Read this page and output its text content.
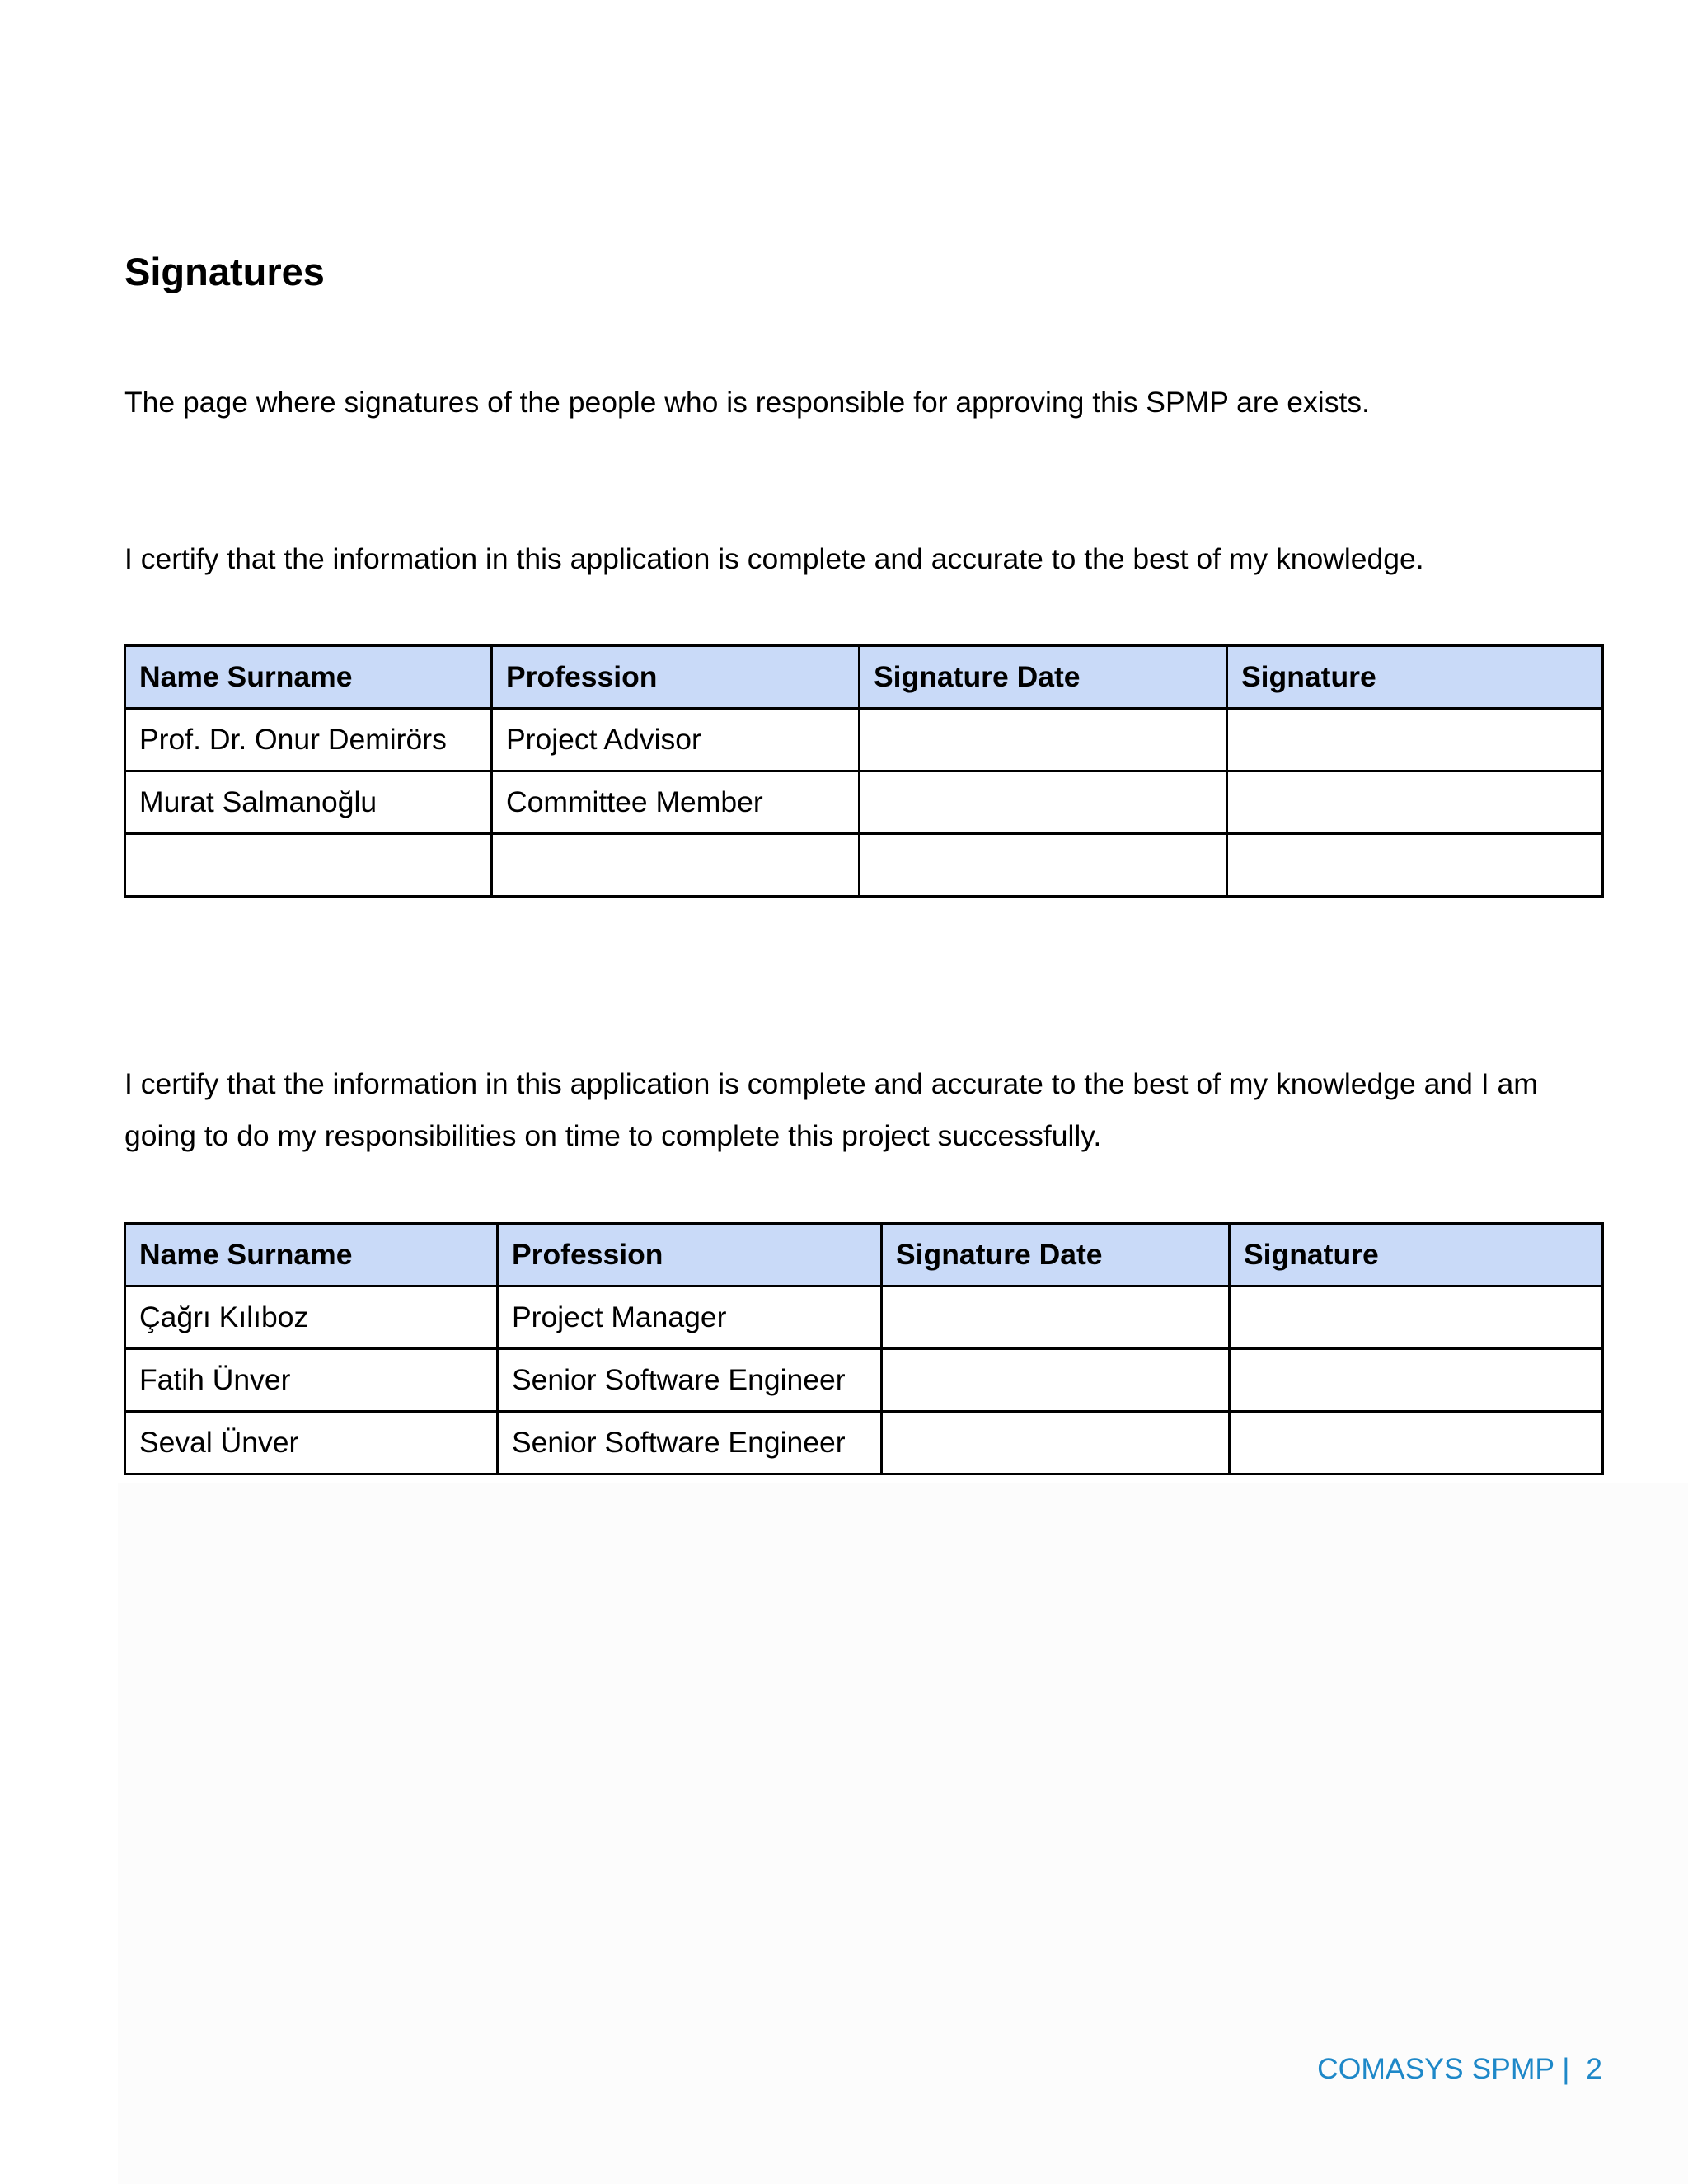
Signatures

The page where signatures of the people who is responsible for approving this SPMP are exists.

I certify that the information in this application is complete and accurate to the best of my knowledge.

Name Surname	Profession	Signature Date	Signature
Prof. Dr. Onur Demirörs	Project Advisor		
Murat Salmanoğlu	Committee Member		

I certify that the information in this application is complete and accurate to the best of my knowledge and I am going to do my responsibilities on time to complete this project successfully.

Name Surname	Profession	Signature Date	Signature
Çağrı Kılıboz	Project Manager		
Fatih Ünver	Senior Software Engineer		
Seval Ünver	Senior Software Engineer		
COMASYS SPMP |  2
